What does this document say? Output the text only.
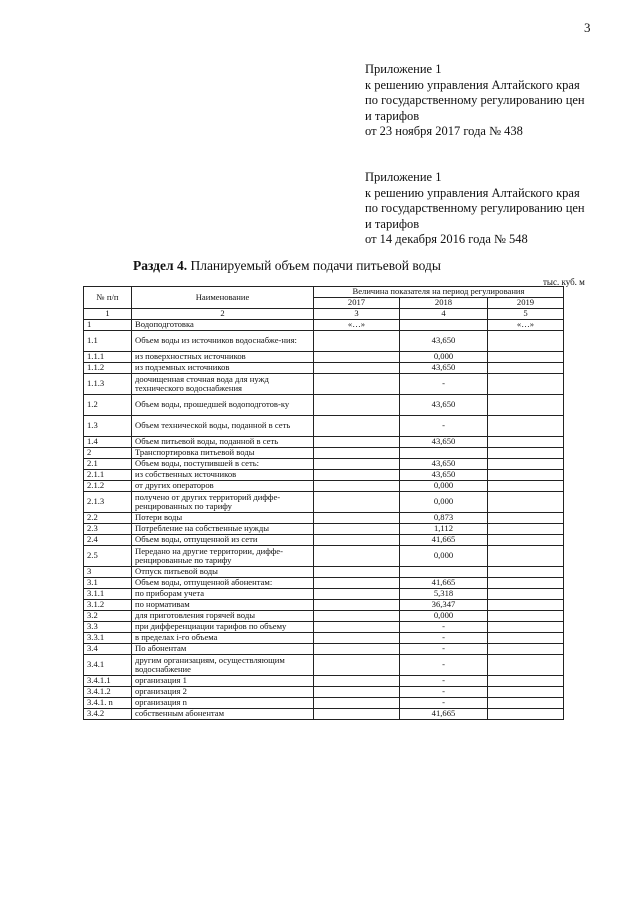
3
Приложение 1
к решению управления Алтайского края
по государственному регулированию цен
и тарифов
от 23 ноября 2017 года № 438
Приложение 1
к решению управления Алтайского края
по государственному регулированию цен
и тарифов
от 14 декабря 2016 года № 548
Раздел 4. Планируемый объем подачи питьевой воды
тыс. куб. м
№ п/п	Наименование	Величина показателя на период регулирования		
		2017	2018	2019
1	2	3	4	5
1	Водоподготовка	«…»		«…»
1.1	Объем воды из источников водоснабже-ния:		43,650	
1.1.1	из поверхностных источников		0,000	
1.1.2	из подземных источников		43,650	
1.1.3	доочищенная сточная вода для нужд технического водоснабжения		-	
1.2	Объем воды, прошедшей водоподготов-ку		43,650	
1.3	Объем технической воды, поданной в сеть		-	
1.4	Объем питьевой воды, поданной в сеть		43,650	
2	Транспортировка питьевой воды			
2.1	Объем воды, поступившей в сеть:		43,650	
2.1.1	из собственных источников		43,650	
2.1.2	от других операторов		0,000	
2.1.3	получено от других территорий диффе-ренцированных по тарифу		0,000	
2.2	Потери воды		0,873	
2.3	Потребление на собственные нужды		1,112	
2.4	Объем воды, отпущенной из сети		41,665	
2.5	Передано на другие территории, диффе-ренцированные по тарифу		0,000	
3	Отпуск питьевой воды			
3.1	Объем воды, отпущенной абонентам:		41,665	
3.1.1	по приборам учета		5,318	
3.1.2	по нормативам		36,347	
3.2	для приготовления горячей воды		0,000	
3.3	при дифференциации тарифов по объему		-	
3.3.1	в пределах i-го объема		-	
3.4	По абонентам		-	
3.4.1	другим организациям, осуществляющим водоснабжение		-	
3.4.1.1	организация 1		-	
3.4.1.2	организация 2		-	
3.4.1. n	организация n		-	
3.4.2	собственным абонентам		41,665	
